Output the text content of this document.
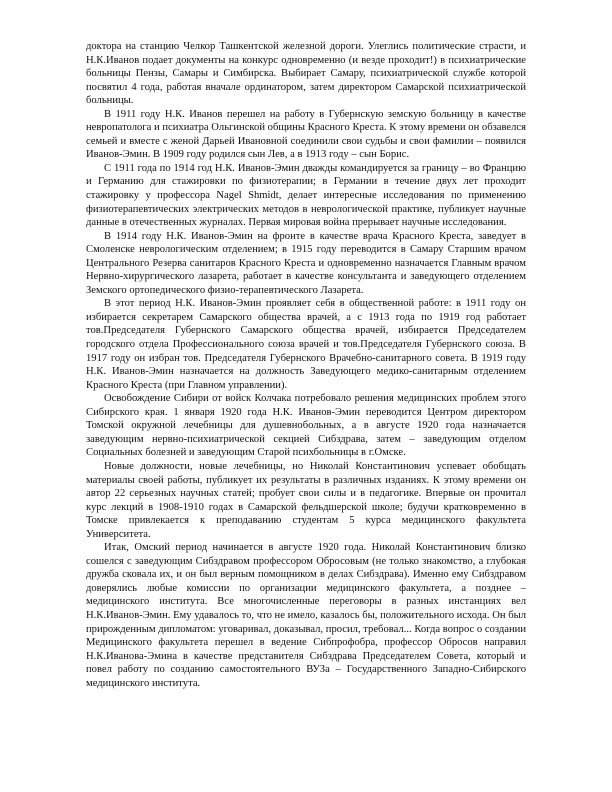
доктора на станцию Челкор Ташкентской железной дороги. Улеглись политические страсти, и Н.К.Иванов подает документы на конкурс одновременно (и везде проходит!) в психиатрические больницы Пензы, Самары и Симбирска. Выбирает Самару, психиатрической службе которой посвятил 4 года, работая вначале ординатором, затем директором Самарской психиатрической больницы.

В 1911 году Н.К. Иванов перешел на работу в Губернскую земскую больницу в качестве невропатолога и психиатра Ольгинской общины Красного Креста. К этому времени он обзавелся семьей и вместе с женой Дарьей Ивановной соединили свои судьбы и свои фамилии – появился Иванов-Эмин. В 1909 году родился сын Лев, а в 1913 году – сын Борис.

С 1911 года по 1914 год Н.К. Иванов-Эмин дважды командируется за границу – во Францию и Германию для стажировки по физиотерапии; в Германии в течение двух лет проходит стажировку у профессора Nagel Shmidt, делает интересные исследования по применению физиотерапевтических электрических методов в неврологической практике, публикует научные данные в отечественных журналах. Первая мировая война прерывает научные исследования.

В 1914 году Н.К. Иванов-Эмин на фронте в качестве врача Красного Креста, заведует в Смоленске неврологическим отделением; в 1915 году переводится в Самару Старшим врачом Центрального Резерва санитаров Красного Креста и одновременно назначается Главным врачом Нервно-хирургического лазарета, работает в качестве консультанта и заведующего отделением Земского ортопедического физио-терапевтического Лазарета.

В этот период Н.К. Иванов-Эмин проявляет себя в общественной работе: в 1911 году он избирается секретарем Самарского общества врачей, а с 1913 года по 1919 год работает тов.Председателя Губернского Самарского общества врачей, избирается Председателем городского отдела Профессионального союза врачей и тов.Председателя Губернского союза. В 1917 году он избран тов. Председателя Губернского Врачебно-санитарного совета. В 1919 году Н.К. Иванов-Эмин назначается на должность Заведующего медико-санитарным отделением Красного Креста (при Главном управлении).

Освобождение Сибири от войск Колчака потребовало решения медицинских проблем этого Сибирского края. 1 января 1920 года Н.К. Иванов-Эмин переводится Центром директором Томской окружной лечебницы для душевнобольных, а в августе 1920 года назначается заведующим нервно-психиатрической секцией Сибздрава, затем – заведующим отделом Социальных болезней и заведующим Старой психбольницы в г.Омске.

Новые должности, новые лечебницы, но Николай Константинович успевает обобщать материалы своей работы, публикует их результаты в различных изданиях. К этому времени он автор 22 серьезных научных статей; пробует свои силы и в педагогике. Впервые он прочитал курс лекций в 1908-1910 годах в Самарской фельдшерской школе; будучи кратковременно в Томске привлекается к преподаванию студентам 5 курса медицинского факультета Университета.

Итак, Омский период начинается в августе 1920 года. Николай Константинович близко сошелся с заведующим Сибздравом профессором Обросовым (не только знакомство, а глубокая дружба сковала их, и он был верным помощником в делах Сибздрава). Именно ему Сибздравом доверялись любые комиссии по организации медицинского факультета, а позднее – медицинского института. Все многочисленные переговоры в разных инстанциях вел Н.К.Иванов-Эмин. Ему удавалось то, что не имело, казалось бы, положительного исхода. Он был прирожденным дипломатом: уговаривал, доказывал, просил, требовал... Когда вопрос о создании Медицинского факультета перешел в ведение Сибпрофобра, профессор Обросов направил Н.К.Иванова-Эмина в качестве представителя Сибздрава Председателем Совета, который и повел работу по созданию самостоятельного ВУЗа – Государственного Западно-Сибирского медицинского института.
